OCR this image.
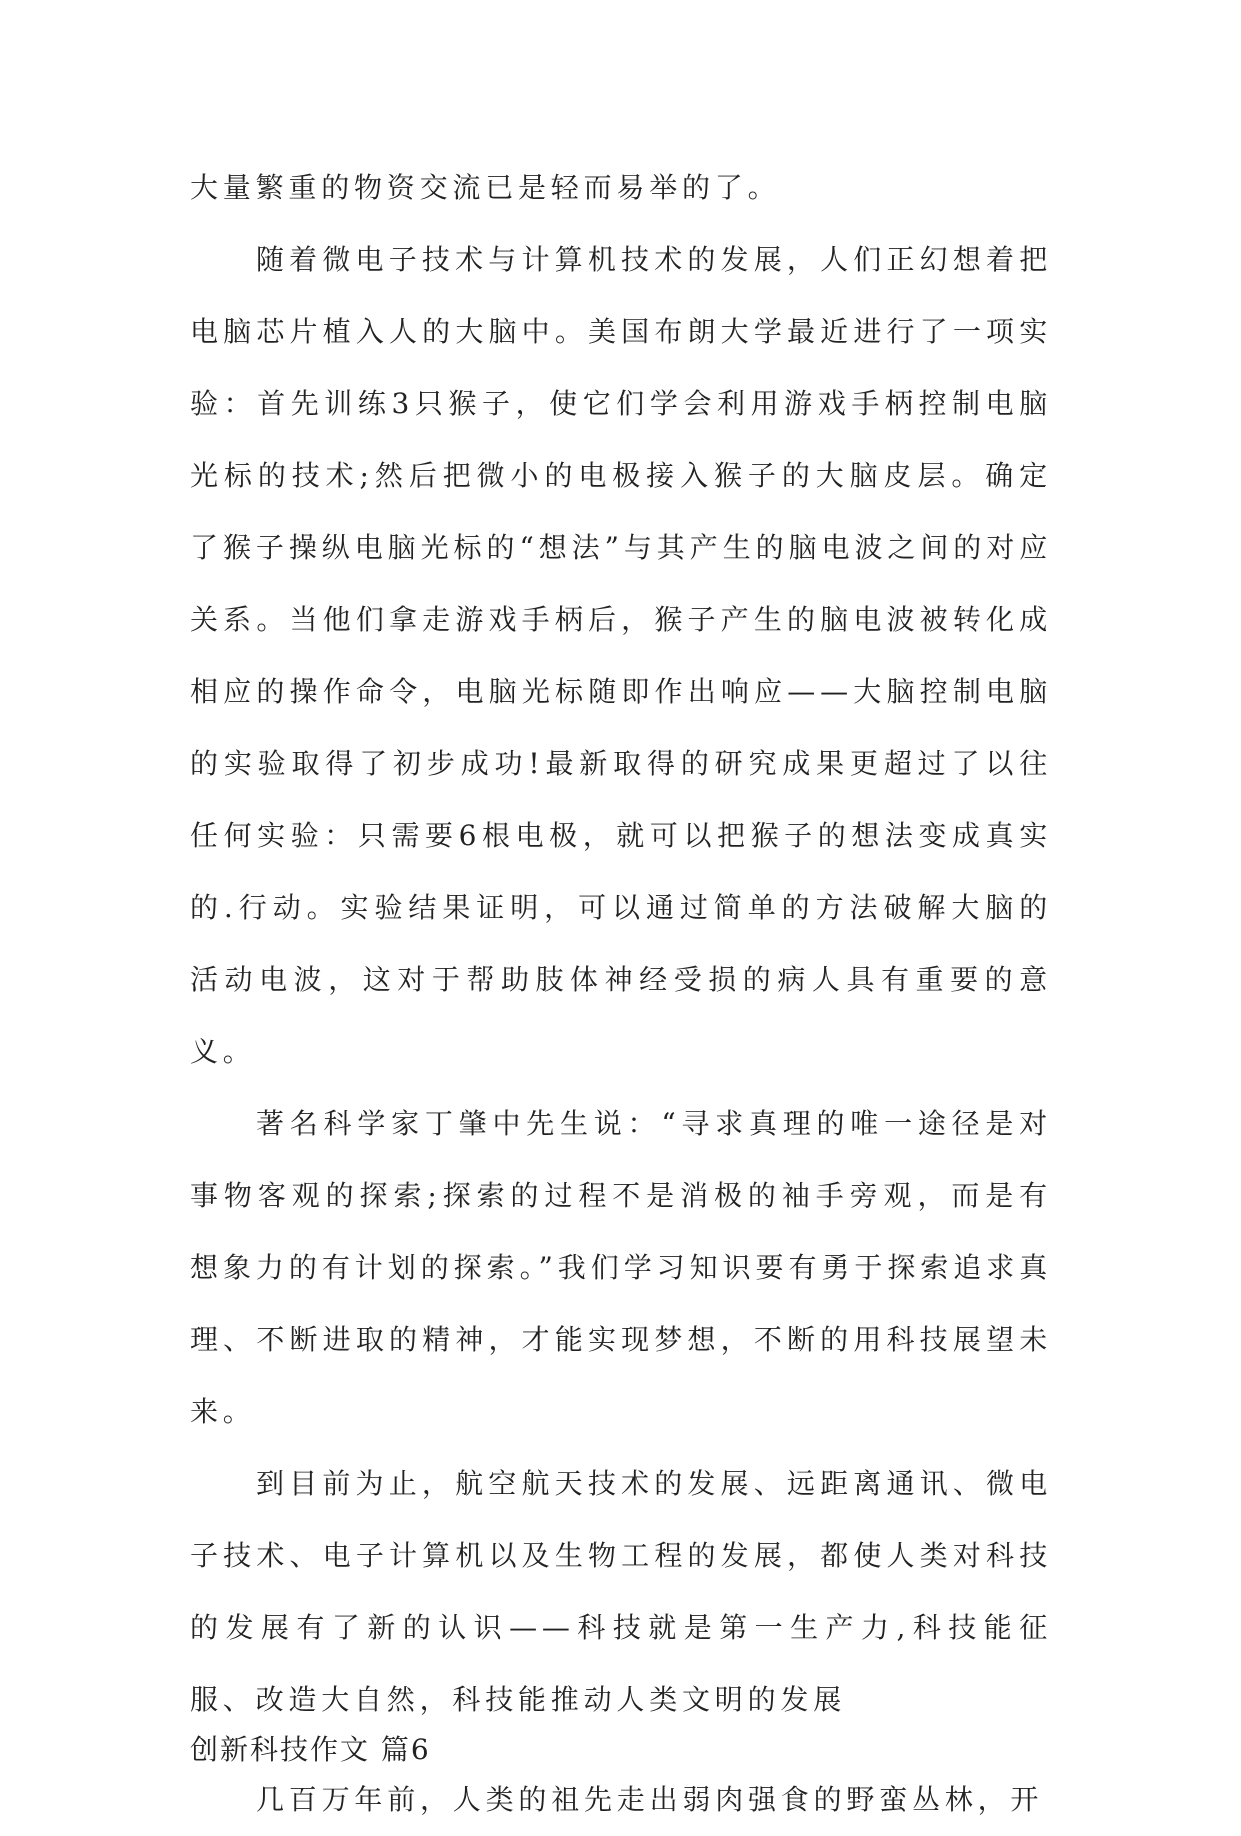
大量繁重的物资交流已是轻而易举的了。

随着微电子技术与计算机技术的发展，人们正幻想着把电脑芯片植入人的大脑中。美国布朗大学最近进行了一项实验：首先训练3只猴子，使它们学会利用游戏手柄控制电脑光标的技术;然后把微小的电极接入猴子的大脑皮层。确定了猴子操纵电脑光标的“想法”与其产生的脑电波之间的对应关系。当他们拿走游戏手柄后，猴子产生的脑电波被转化成相应的操作命令，电脑光标随即作出响应——大脑控制电脑的实验取得了初步成功!最新取得的研究成果更超过了以往任何实验：只需要6根电极，就可以把猴子的想法变成真实的.行动。实验结果证明，可以通过简单的方法破解大脑的活动电波，这对于帮助肢体神经受损的病人具有重要的意义。

著名科学家丁肇中先生说：“寻求真理的唯一途径是对事物客观的探索;探索的过程不是消极的袖手旁观，而是有想象力的有计划的探索。”我们学习知识要有勇于探索追求真理、不断进取的精神，才能实现梦想，不断的用科技展望未来。

到目前为止，航空航天技术的发展、远距离通讯、微电子技术、电子计算机以及生物工程的发展，都使人类对科技的发展有了新的认识——科技就是第一生产力,科技能征服、改造大自然，科技能推动人类文明的发展

创新科技作文 篇6

几百万年前，人类的祖先走出弱肉强食的野蛮丛林，开
